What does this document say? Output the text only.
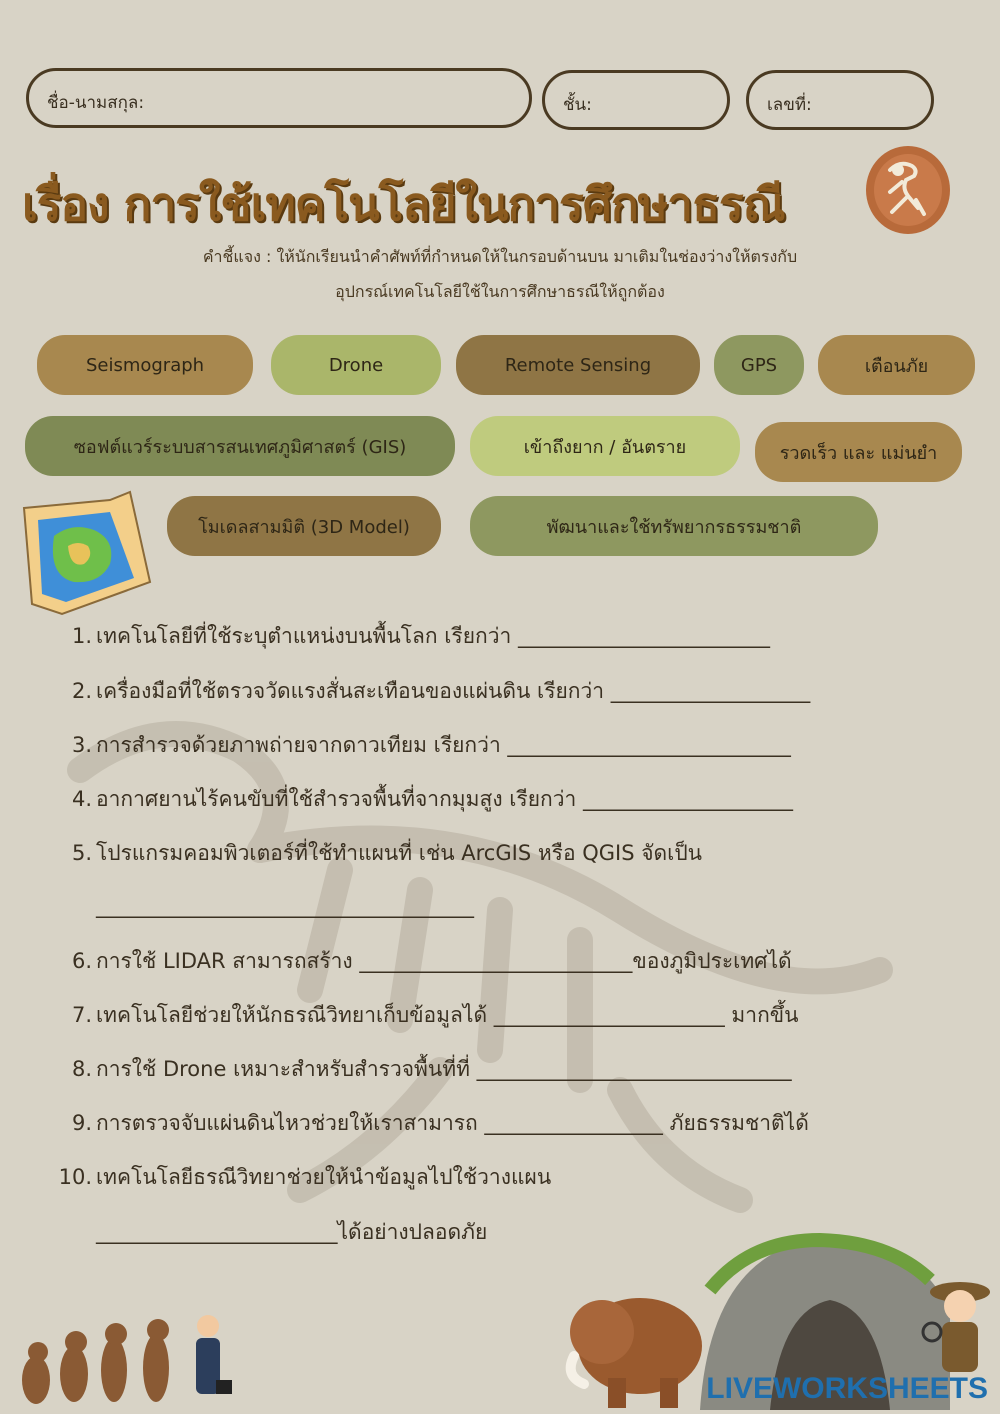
ชื่อ-นามสกุล:	ชั้น:	เลขที่:
เรื่อง การใช้เทคโนโลยีในการศึกษาธรณี
คำชี้แจง : ให้นักเรียนนำคำศัพท์ที่กำหนดให้ในกรอบด้านบน มาเติมในช่องว่างให้ตรงกับ
อุปกรณ์เทคโนโลยีใช้ในการศึกษาธรณีให้ถูกต้อง
Seismograph	Drone	Remote Sensing	GPS	เตือนภัย
ซอฟต์แวร์ระบบสารสนเทศภูมิศาสตร์ (GIS)	เข้าถึงยาก / อันตราย	รวดเร็ว และ แม่นยำ
โมเดลสามมิติ (3D Model)	พัฒนาและใช้ทรัพยากรธรรมชาติ
1. เทคโนโลยีที่ใช้ระบุตำแหน่งบนพื้นโลก เรียกว่า ________________________
2. เครื่องมือที่ใช้ตรวจวัดแรงสั่นสะเทือนของแผ่นดิน เรียกว่า ___________________
3. การสำรวจด้วยภาพถ่ายจากดาวเทียม เรียกว่า ___________________________
4. อากาศยานไร้คนขับที่ใช้สำรวจพื้นที่จากมุมสูง เรียกว่า ____________________
5. โปรแกรมคอมพิวเตอร์ที่ใช้ทำแผนที่ เช่น ArcGIS หรือ QGIS จัดเป็น
____________________________________
6. การใช้ LIDAR สามารถสร้าง __________________________ของภูมิประเทศได้
7. เทคโนโลยีช่วยให้นักธรณีวิทยาเก็บข้อมูลได้ ______________________ มากขึ้น
8. การใช้ Drone เหมาะสำหรับสำรวจพื้นที่ที่ ______________________________
9. การตรวจจับแผ่นดินไหวช่วยให้เราสามารถ _________________ ภัยธรรมชาติได้
10. เทคโนโลยีธรณีวิทยาช่วยให้นำข้อมูลไปใช้วางแผน
_______________________ได้อย่างปลอดภัย
LIVEWORKSHEETS
